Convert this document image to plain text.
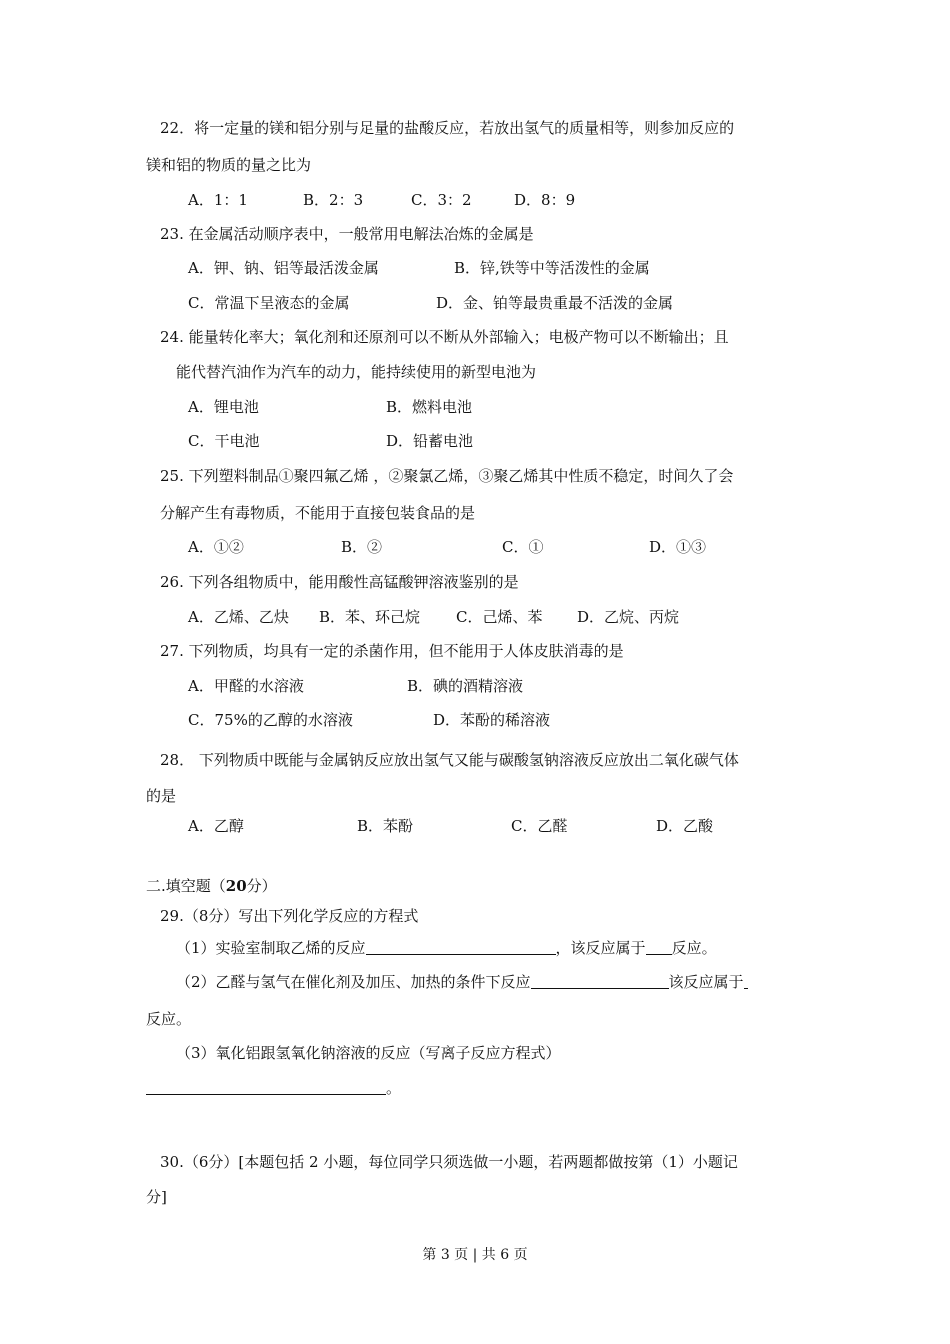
22．将一定量的镁和铝分别与足量的盐酸反应，若放出氢气的质量相等，则参加反应的
镁和铝的物质的量之比为
A．1：1	B．2：3	C．3：2	D．8：9
23. 在金属活动顺序表中，一般常用电解法冶炼的金属是
A．钾、钠、铝等最活泼金属	B．锌,铁等中等活泼性的金属
C．常温下呈液态的金属	D．金、铂等最贵重最不活泼的金属
24. 能量转化率大；氧化剂和还原剂可以不断从外部输入；电极产物可以不断输出；且
能代替汽油作为汽车的动力，能持续使用的新型电池为
A．锂电池	B．燃料电池
C．干电池	D．铅蓄电池
25. 下列塑料制品①聚四氟乙烯 ，②聚氯乙烯，③聚乙烯其中性质不稳定，时间久了会
分解产生有毒物质，不能用于直接包装食品的是
A．①②	B．②	C．①	D．①③
26. 下列各组物质中，能用酸性高锰酸钾溶液鉴别的是
A．乙烯、乙炔 B．苯、环己烷 C．己烯、苯 D．乙烷、丙烷
27. 下列物质，均具有一定的杀菌作用，但不能用于人体皮肤消毒的是
A．甲醛的水溶液	B．碘的酒精溶液
C．75%的乙醇的水溶液	D．苯酚的稀溶液
28． 下列物质中既能与金属钠反应放出氢气又能与碳酸氢钠溶液反应放出二氧化碳气体
的是
A．乙醇	B．苯酚	C．乙醛	D．乙酸
二.填空题（20分）
29.（8分）写出下列化学反应的方程式
（1）实验室制取乙烯的反应	，该反应属于 反应。
（2）乙醛与氢气在催化剂及加压、加热的条件下反应	该反应属于
反应。
（3）氧化铝跟氢氧化钠溶液的反应（写离子反应方程式）
。
30.（6分）[本题包括 2 小题，每位同学只须选做一小题，若两题都做按第（1）小题记
分]
第 3 页 | 共 6 页
